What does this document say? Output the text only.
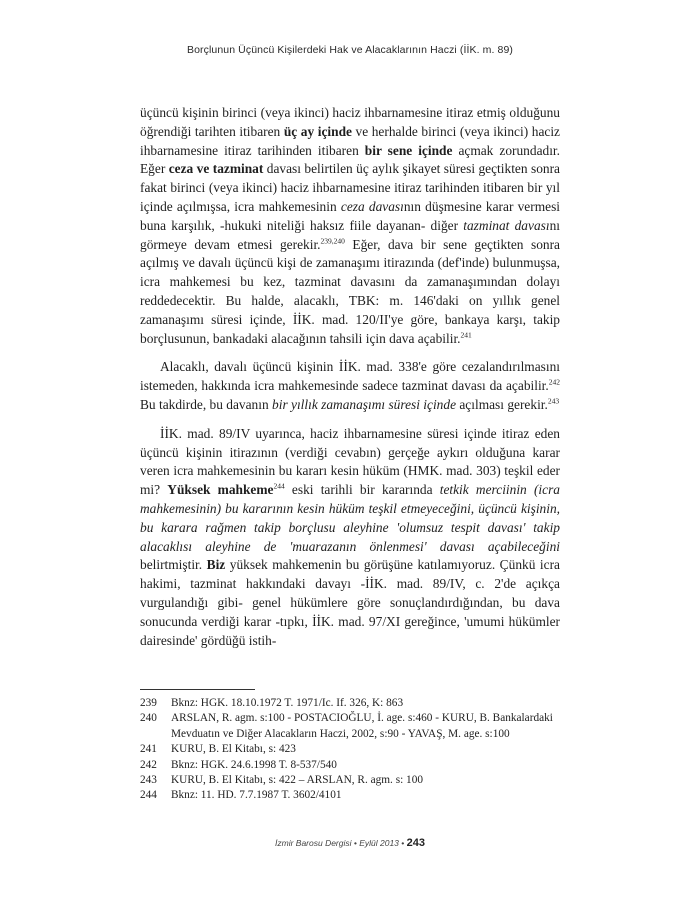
Borçlunun Üçüncü Kişilerdeki Hak ve Alacaklarının Haczi (İİK. m. 89)

üçüncü kişinin birinci (veya ikinci) haciz ihbarnamesine itiraz etmiş olduğunu öğrendiği tarihten itibaren üç ay içinde ve herhalde birinci (veya ikinci) haciz ihbarnamesine itiraz tarihinden itibaren bir sene içinde açmak zorundadır. Eğer ceza ve tazminat davası belirtilen üç aylık şikayet süresi geçtikten sonra fakat birinci (veya ikinci) haciz ihbarnamesine itiraz tarihinden itibaren bir yıl içinde açılmışsa, icra mahkemesinin ceza davasının düşmesine karar vermesi buna karşılık, -hukuki niteliği haksız fiile dayanan- diğer tazminat davasını görmeye devam etmesi gerekir.$^{239,240}$ Eğer, dava bir sene geçtikten sonra açılmış ve davalı üçüncü kişi de zamanaşımı itirazında (def'inde) bulunmuşsa, icra mahkemesi bu kez, tazminat davasını da zamanaşımından dolayı reddedecektir. Bu halde, alacaklı, TBK: m. 146'daki on yıllık genel zamanaşımı süresi içinde, İİK. mad. 120/II'ye göre, bankaya karşı, takip borçlusunun, bankadaki alacağının tahsili için dava açabilir.$^{241}$

Alacaklı, davalı üçüncü kişinin İİK. mad. 338'e göre cezalandırılmasını istemeden, hakkında icra mahkemesinde sadece tazminat davası da açabilir.$^{242}$ Bu takdirde, bu davanın bir yıllık zamanaşımı süresi içinde açılması gerekir.$^{243}$

İİK. mad. 89/IV uyarınca, haciz ihbarnamesine süresi içinde itiraz eden üçüncü kişinin itirazının (verdiği cevabın) gerçeğe aykırı olduğuna karar veren icra mahkemesinin bu kararı kesin hüküm (HMK. mad. 303) teşkil eder mi? Yüksek mahkeme$^{244}$ eski tarihli bir kararında tetkik merciinin (icra mahkemesinin) bu kararının kesin hüküm teşkil etmeyeceğini, üçüncü kişinin, bu karara rağmen takip borçlusu aleyhine 'olumsuz tespit davası' takip alacaklısı aleyhine de 'muarazanın önlenmesi' davası açabileceğini belirtmiştir. Biz yüksek mahkemenin bu görüşüne katılamıyoruz. Çünkü icra hakimi, tazminat hakkındaki davayı -İİK. mad. 89/IV, c. 2'de açıkça vurgulandığı gibi- genel hükümlere göre sonuçlandırdığından, bu dava sonucunda verdiği karar -tıpkı, İİK. mad. 97/XI gereğince, 'umumi hükümler dairesinde' gördüğü istih-

239	Bknz: HGK. 18.10.1972 T. 1971/Ic. If. 326, K: 863
240	ARSLAN, R. agm. s:100 - POSTACIOĞLU, İ. age. s:460 - KURU, B. Bankalardaki Mevduatın ve Diğer Alacakların Haczi, 2002, s:90 - YAVAŞ, M. age. s:100
241	KURU, B. El Kitabı, s: 423
242	Bknz: HGK. 24.6.1998 T. 8-537/540
243	KURU, B. El Kitabı, s: 422 – ARSLAN, R. agm. s: 100
244	Bknz: 11. HD. 7.7.1987 T. 3602/4101
İzmir Barosu Dergisi • Eylül 2013 • 243
